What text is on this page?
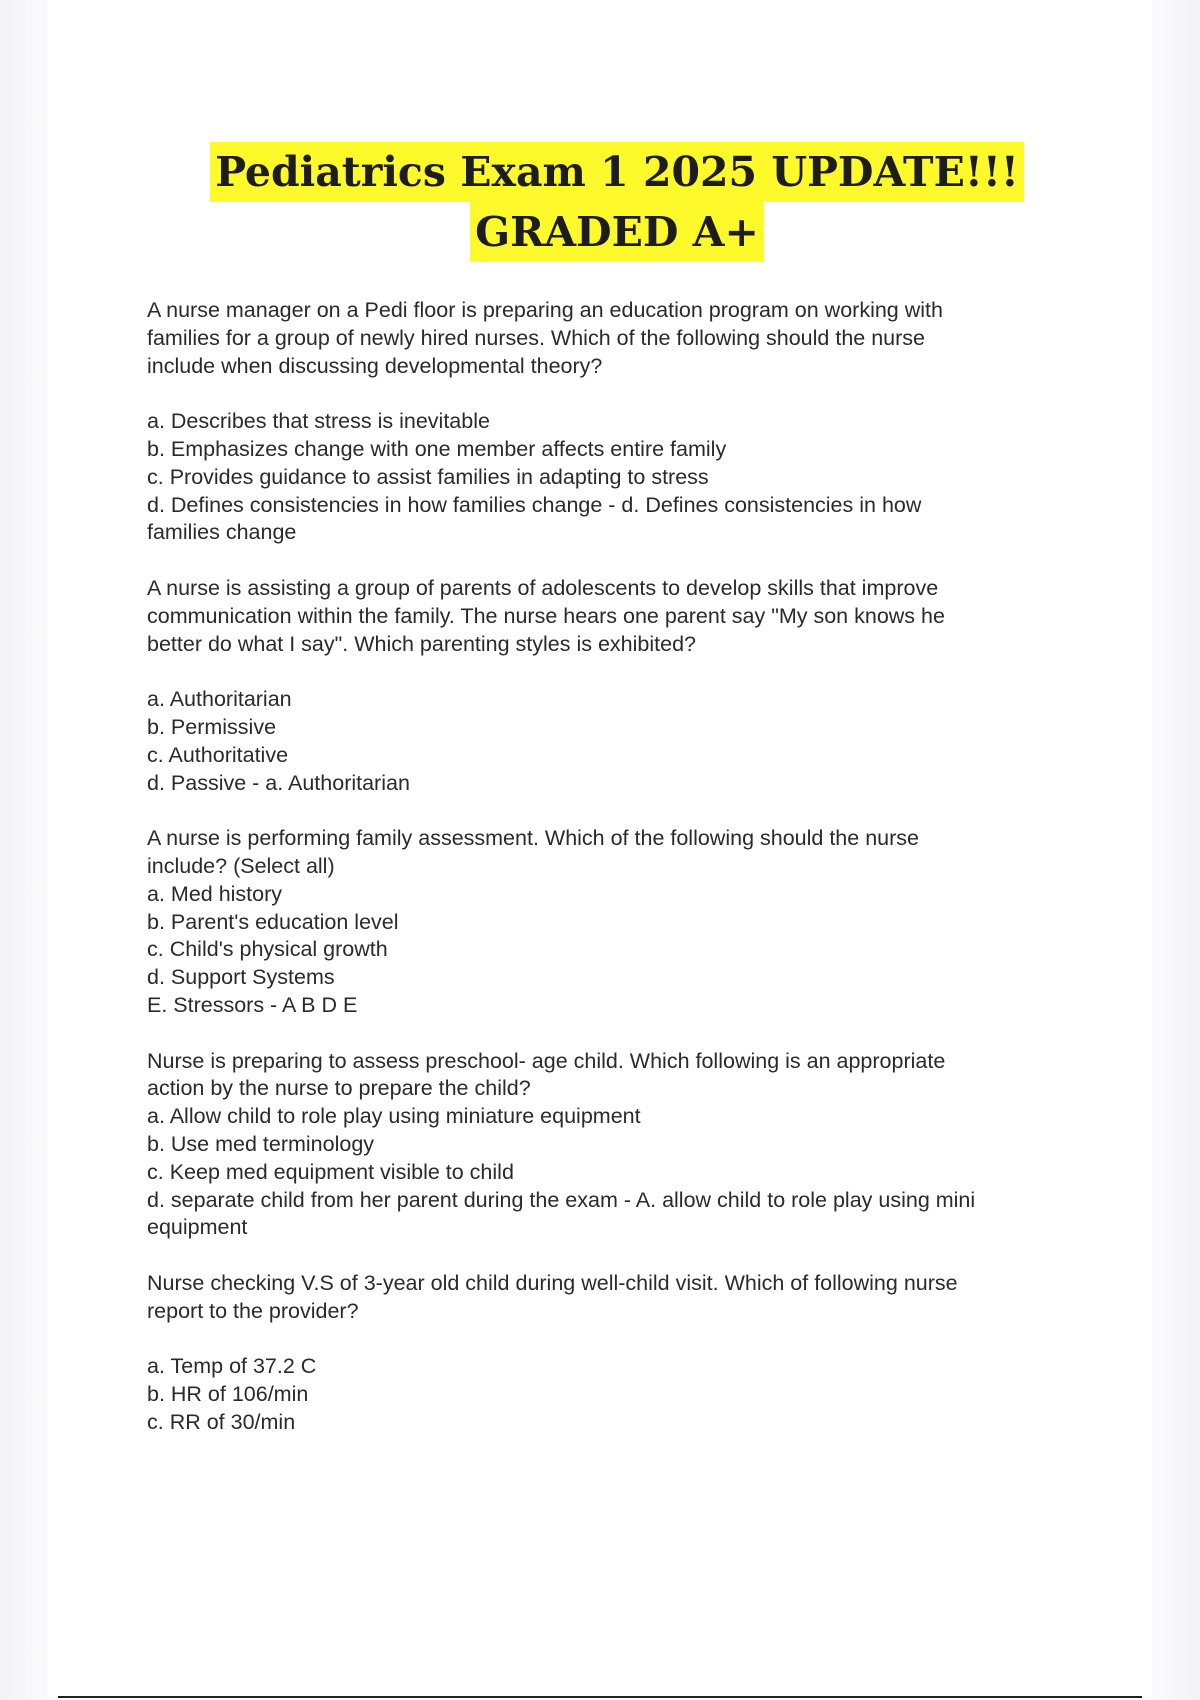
Pediatrics Exam 1 2025 UPDATE!!!
GRADED A+
A nurse manager on a Pedi floor is preparing an education program on working with
families for a group of newly hired nurses. Which of the following should the nurse
include when discussing developmental theory?
a. Describes that stress is inevitable
b. Emphasizes change with one member affects entire family
c. Provides guidance to assist families in adapting to stress
d. Defines consistencies in how families change - d. Defines consistencies in how
families change
A nurse is assisting a group of parents of adolescents to develop skills that improve
communication within the family. The nurse hears one parent say "My son knows he
better do what I say". Which parenting styles is exhibited?
a. Authoritarian
b. Permissive
c. Authoritative
d. Passive - a. Authoritarian
A nurse is performing family assessment. Which of the following should the nurse
include? (Select all)
a. Med history
b. Parent's education level
c. Child's physical growth
d. Support Systems
E. Stressors - A B D E
Nurse is preparing to assess preschool- age child. Which following is an appropriate
action by the nurse to prepare the child?
a. Allow child to role play using miniature equipment
b. Use med terminology
c. Keep med equipment visible to child
d. separate child from her parent during the exam - A. allow child to role play using mini
equipment
Nurse checking V.S of 3-year old child during well-child visit. Which of following nurse
report to the provider?
a. Temp of 37.2 C
b. HR of 106/min
c. RR of 30/min
